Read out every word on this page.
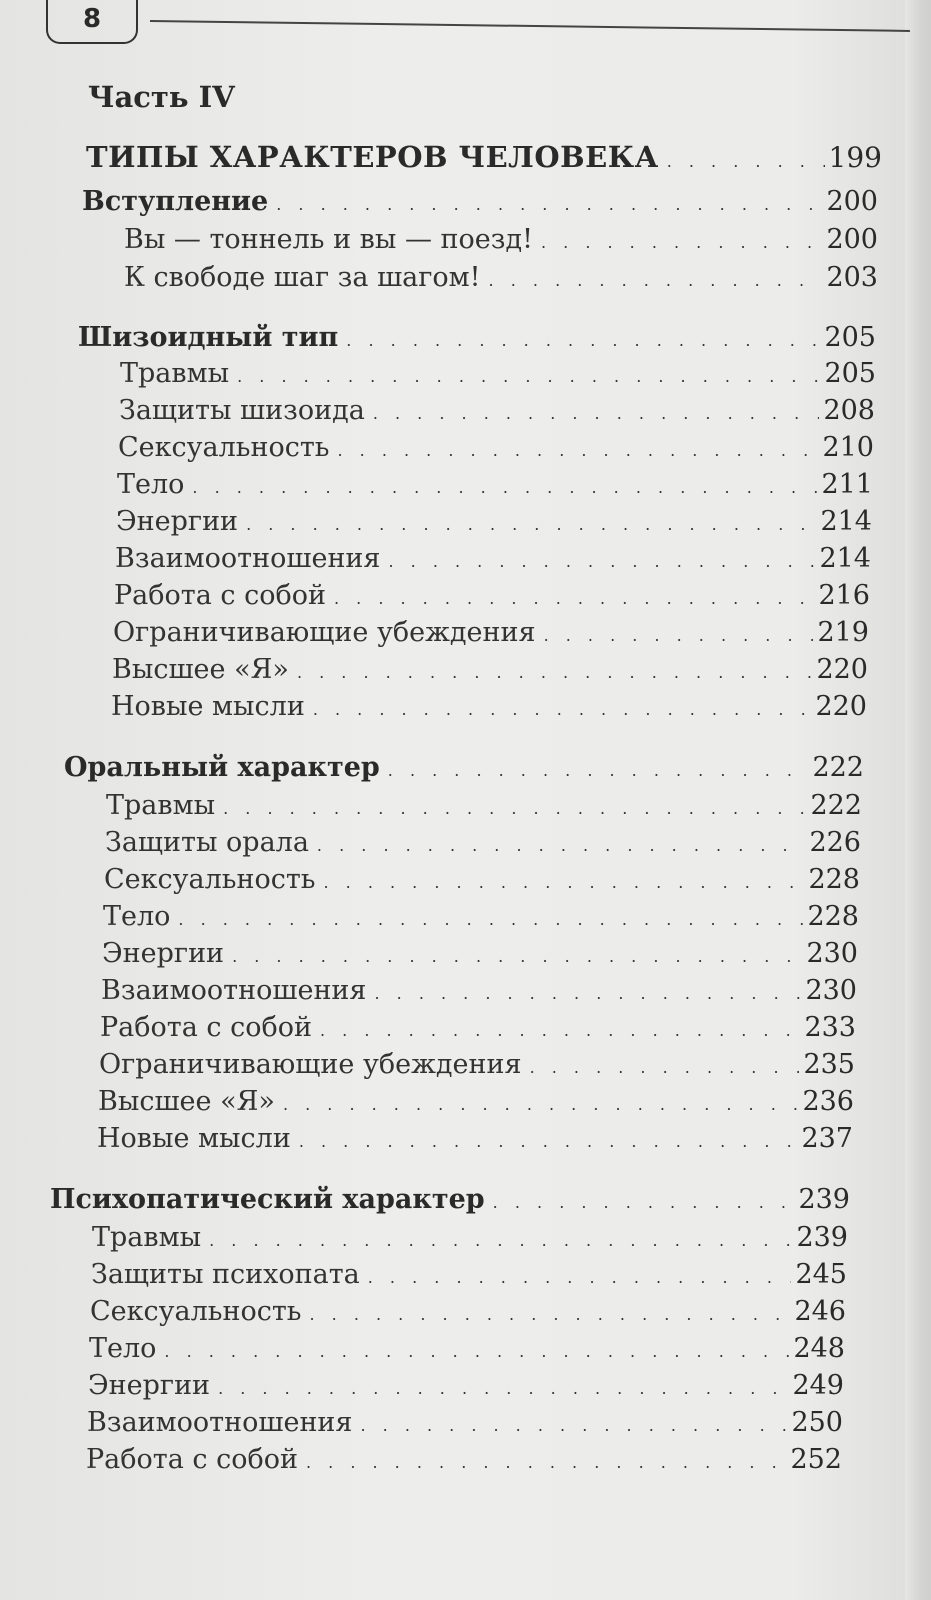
8
Часть IV
ТИПЫ ХАРАКТЕРОВ ЧЕЛОВЕКА . . .	199
Вступление . . .	200
Вы — тоннель и вы — поезд! . . .	200
К свободе шаг за шагом! . . .	203
Шизоидный тип . . .	205
Травмы . . .	205
Защиты шизоида . . .	208
Сексуальность . . .	210
Тело . . .	211
Энергии . . .	214
Взаимоотношения . . .	214
Работа с собой . . .	216
Ограничивающие убеждения . . .	219
Высшее «Я» . . .	220
Новые мысли . . .	220
Оральный характер . . .	222
Травмы . . .	222
Защиты орала . . .	226
Сексуальность . . .	228
Тело . . .	228
Энергии . . .	230
Взаимоотношения . . .	230
Работа с собой . . .	233
Ограничивающие убеждения . . .	235
Высшее «Я» . . .	236
Новые мысли . . .	237
Психопатический характер . . .	239
Травмы . . .	239
Защиты психопата . . .	245
Сексуальность . . .	246
Тело . . .	248
Энергии . . .	249
Взаимоотношения . . .	250
Работа с собой . . .	252
